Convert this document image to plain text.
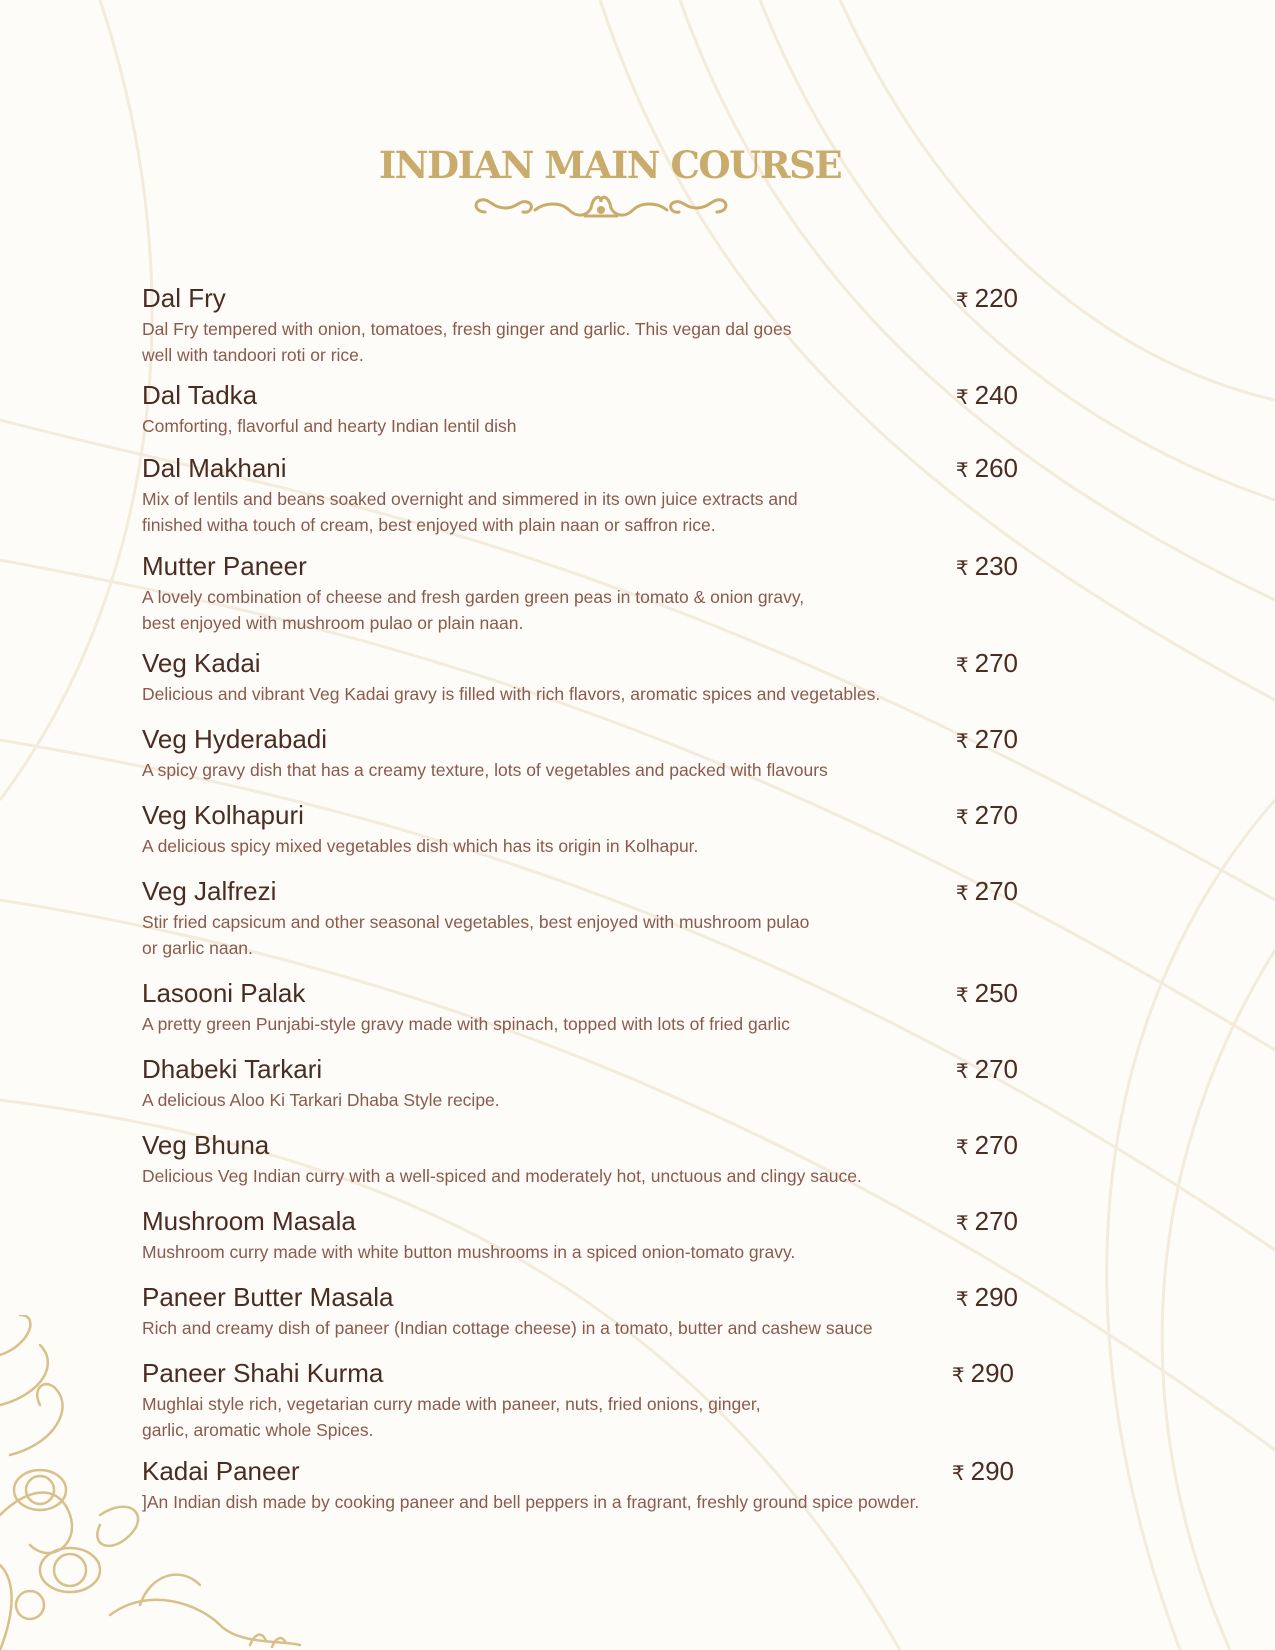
INDIAN MAIN COURSE
Dal Fry	₹ 220
Dal Fry tempered with onion, tomatoes, fresh ginger and garlic. This vegan dal goes
well with tandoori roti or rice.
Dal Tadka	₹ 240
Comforting, flavorful and hearty Indian lentil dish
Dal Makhani	₹ 260
Mix of lentils and beans soaked overnight and simmered in its own juice extracts and
finished witha touch of cream, best enjoyed with plain naan or saffron rice.
Mutter Paneer	₹ 230
A lovely combination of cheese and fresh garden green peas in tomato & onion gravy,
best enjoyed with mushroom pulao or plain naan.
Veg Kadai	₹ 270
Delicious and vibrant Veg Kadai gravy is filled with rich flavors, aromatic spices and vegetables.
Veg Hyderabadi	₹ 270
A spicy gravy dish that has a creamy texture, lots of vegetables and packed with flavours
Veg Kolhapuri	₹ 270
A delicious spicy mixed vegetables dish which has its origin in Kolhapur.
Veg Jalfrezi	₹ 270
Stir fried capsicum and other seasonal vegetables, best enjoyed with mushroom pulao
or garlic naan.
Lasooni Palak	₹ 250
A pretty green Punjabi-style gravy made with spinach, topped with lots of fried garlic
Dhabeki Tarkari	₹ 270
A delicious Aloo Ki Tarkari Dhaba Style recipe.
Veg Bhuna	₹ 270
Delicious Veg Indian curry with a well-spiced and moderately hot, unctuous and clingy sauce.
Mushroom Masala	₹ 270
Mushroom curry made with white button mushrooms in a spiced onion-tomato gravy.
Paneer Butter Masala	₹ 290
Rich and creamy dish of paneer (Indian cottage cheese) in a tomato, butter and cashew sauce
Paneer Shahi Kurma	₹ 290
Mughlai style rich, vegetarian curry made with paneer, nuts, fried onions, ginger,
garlic, aromatic whole Spices.
Kadai Paneer	₹ 290
]An Indian dish made by cooking paneer and bell peppers in a fragrant, freshly ground spice powder.
